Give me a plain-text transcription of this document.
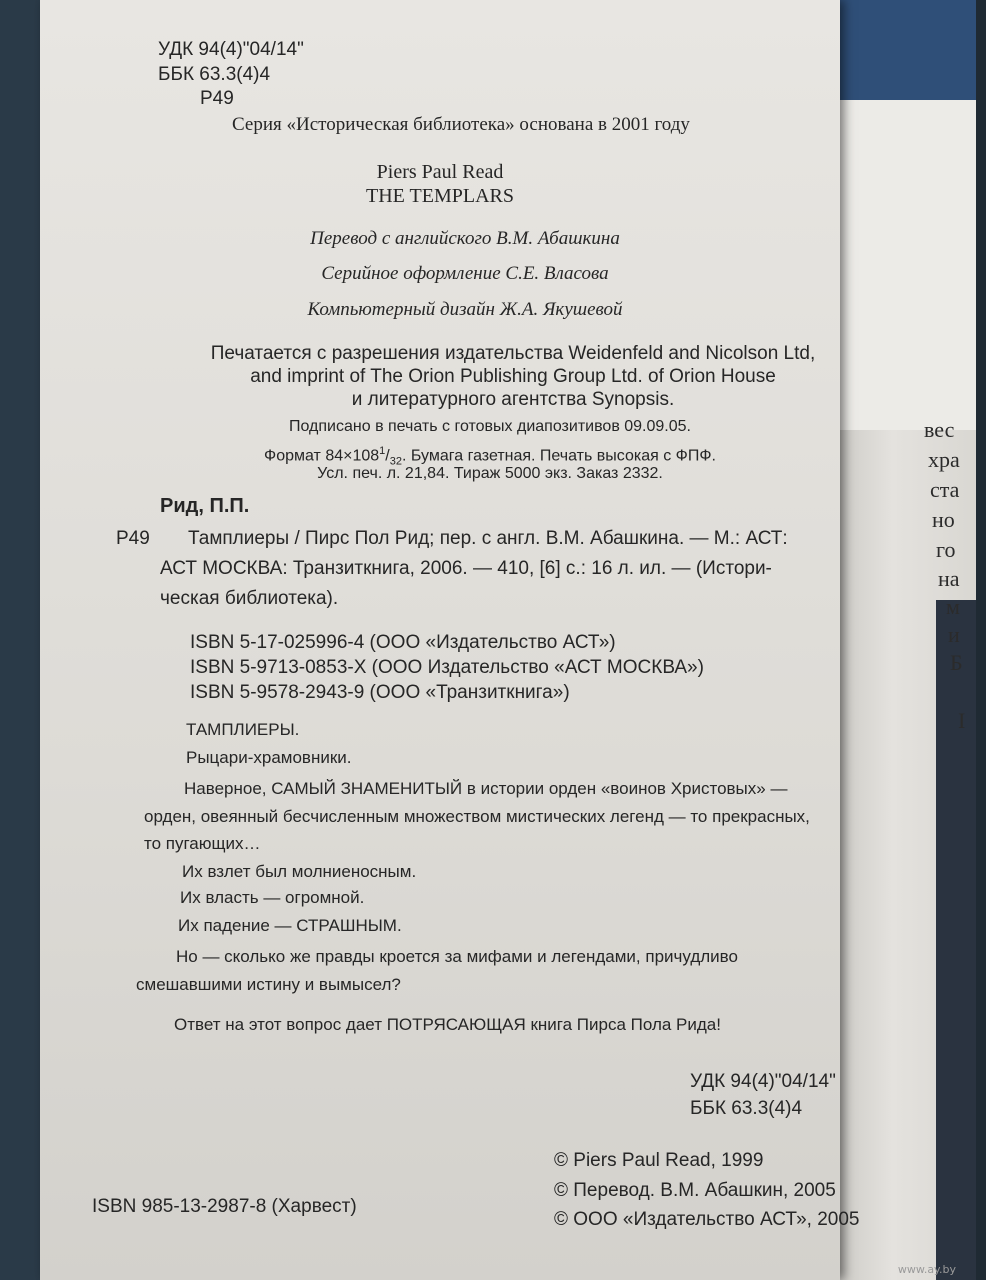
вес
хра
ста
но
го
на
м
и
Б
I
УДК 94(4)"04/14"
ББК 63.3(4)4
Р49
Серия «Историческая библиотека» основана в 2001 году
Piers Paul Read
THE TEMPLARS
Перевод с английского В.М. Абашкина
Серийное оформление С.Е. Власова
Компьютерный дизайн Ж.А. Якушевой
Печатается с разрешения издательства Weidenfeld and Nicolson Ltd,
and imprint of The Orion Publishing Group Ltd. of Orion House
и литературного агентства Synopsis.
Подписано в печать с готовых диапозитивов 09.09.05.
Формат $84\times 108^1/_{32}$. Бумага газетная. Печать высокая с ФПФ.
Усл. печ. л. 21,84. Тираж 5000 экз. Заказ 2332.
Рид, П.П.
Р49 Тамплиеры / Пирс Пол Рид; пер. с англ. В.М. Абашкина. — М.: АСТ:
АСТ МОСКВА: Транзиткнига, 2006. — 410, [6] с.: 16 л. ил. — (Истори-
ческая библиотека).
ISBN 5-17-025996-4 (ООО «Издательство АСТ»)
ISBN 5-9713-0853-X (ООО Издательство «АСТ МОСКВА»)
ISBN 5-9578-2943-9 (ООО «Транзиткнига»)
ТАМПЛИЕРЫ.
Рыцари-храмовники.
Наверное, САМЫЙ ЗНАМЕНИТЫЙ в истории орден «воинов Христовых» —
орден, овеянный бесчисленным множеством мистических легенд — то прекрасных,
то пугающих…
Их взлет был молниеносным.
Их власть — огромной.
Их падение — СТРАШНЫМ.
Но — сколько же правды кроется за мифами и легендами, причудливо
смешавшими истину и вымысел?
Ответ на этот вопрос дает ПОТРЯСАЮЩАЯ книга Пирса Пола Рида!
УДК 94(4)"04/14"
ББК 63.3(4)4
© Piers Paul Read, 1999
© Перевод. В.М. Абашкин, 2005
© ООО «Издательство АСТ», 2005
ISBN 985-13-2987-8 (Харвест)
www.ay.by
